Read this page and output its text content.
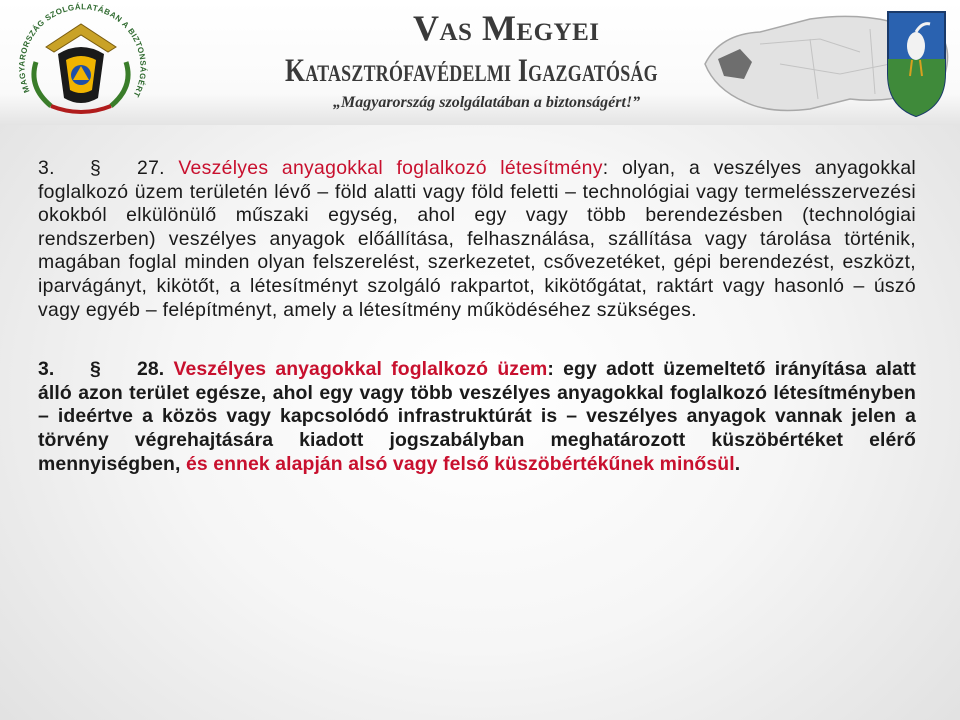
MAGYARORSZÁG SZOLGÁLATÁBAN A BIZTONSÁGÉRT
Vas Megyei
Katasztrófavédelmi Igazgatóság
„Magyarország szolgálatában a biztonságért!”

3. § 27. Veszélyes anyagokkal foglalkozó létesítmény: olyan, a veszélyes anyagokkal foglalkozó üzem területén lévő – föld alatti vagy föld feletti – technológiai vagy termelésszervezési okokból elkülönülő műszaki egység, ahol egy vagy több berendezésben (technológiai rendszerben) veszélyes anyagok előállítása, felhasználása, szállítása vagy tárolása történik, magában foglal minden olyan felszerelést, szerkezetet, csővezetéket, gépi berendezést, eszközt, iparvágányt, kikötőt, a létesítményt szolgáló rakpartot, kikötőgátat, raktárt vagy hasonló – úszó vagy egyéb – felépítményt, amely a létesítmény működéséhez szükséges.

3. § 28. Veszélyes anyagokkal foglalkozó üzem: egy adott üzemeltető irányítása alatt álló azon terület egésze, ahol egy vagy több veszélyes anyagokkal foglalkozó létesítményben – ideértve a közös vagy kapcsolódó infrastruktúrát is – veszélyes anyagok vannak jelen a törvény végrehajtására kiadott jogszabályban meghatározott küszöbértéket elérő mennyiségben, és ennek alapján alsó vagy felső küszöbértékűnek minősül.
